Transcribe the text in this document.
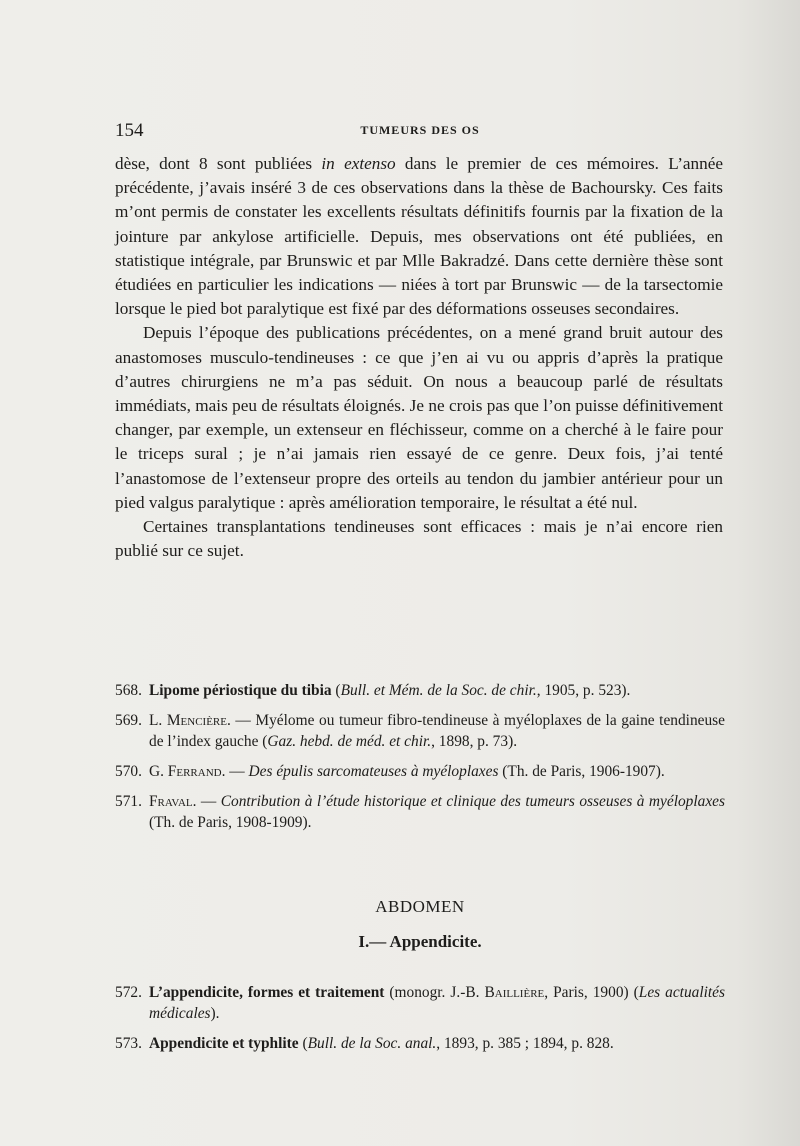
154	TUMEURS DES OS

dèse, dont 8 sont publiées in extenso dans le premier de ces mémoires. L’année précédente, j’avais inséré 3 de ces observations dans la thèse de Bachoursky. Ces faits m’ont permis de constater les excellents résultats définitifs fournis par la fixation de la jointure par ankylose artificielle. Depuis, mes observations ont été publiées, en statistique intégrale, par Brunswic et par Mlle Bakradzé. Dans cette dernière thèse sont étudiées en particulier les indications — niées à tort par Brunswic — de la tarsectomie lorsque le pied bot paralytique est fixé par des déformations osseuses secondaires.

Depuis l’époque des publications précédentes, on a mené grand bruit autour des anastomoses musculo-tendineuses : ce que j’en ai vu ou appris d’après la pratique d’autres chirurgiens ne m’a pas séduit. On nous a beaucoup parlé de résultats immédiats, mais peu de résultats éloignés. Je ne crois pas que l’on puisse définitivement changer, par exemple, un extenseur en fléchisseur, comme on a cherché à le faire pour le triceps sural ; je n’ai jamais rien essayé de ce genre. Deux fois, j’ai tenté l’anastomose de l’extenseur propre des orteils au tendon du jambier antérieur pour un pied valgus paralytique : après amélioration temporaire, le résultat a été nul.

Certaines transplantations tendineuses sont efficaces : mais je n’ai encore rien publié sur ce sujet.

568. Lipome périostique du tibia (Bull. et Mém. de la Soc. de chir., 1905, p. 523).
569. L. Mencière. — Myélome ou tumeur fibro-tendineuse à myéloplaxes de la gaine tendineuse de l’index gauche (Gaz. hebd. de méd. et chir., 1898, p. 73).
570. G. Ferrand. — Des épulis sarcomateuses à myéloplaxes (Th. de Paris, 1906-1907).
571. Fraval. — Contribution à l’étude historique et clinique des tumeurs osseuses à myéloplaxes (Th. de Paris, 1908-1909).
ABDOMEN
I.— Appendicite.
572. L’appendicite, formes et traitement (monogr. J.-B. Baillière, Paris, 1900) (Les actualités médicales).
573. Appendicite et typhlite (Bull. de la Soc. anal., 1893, p. 385 ; 1894, p. 828.
